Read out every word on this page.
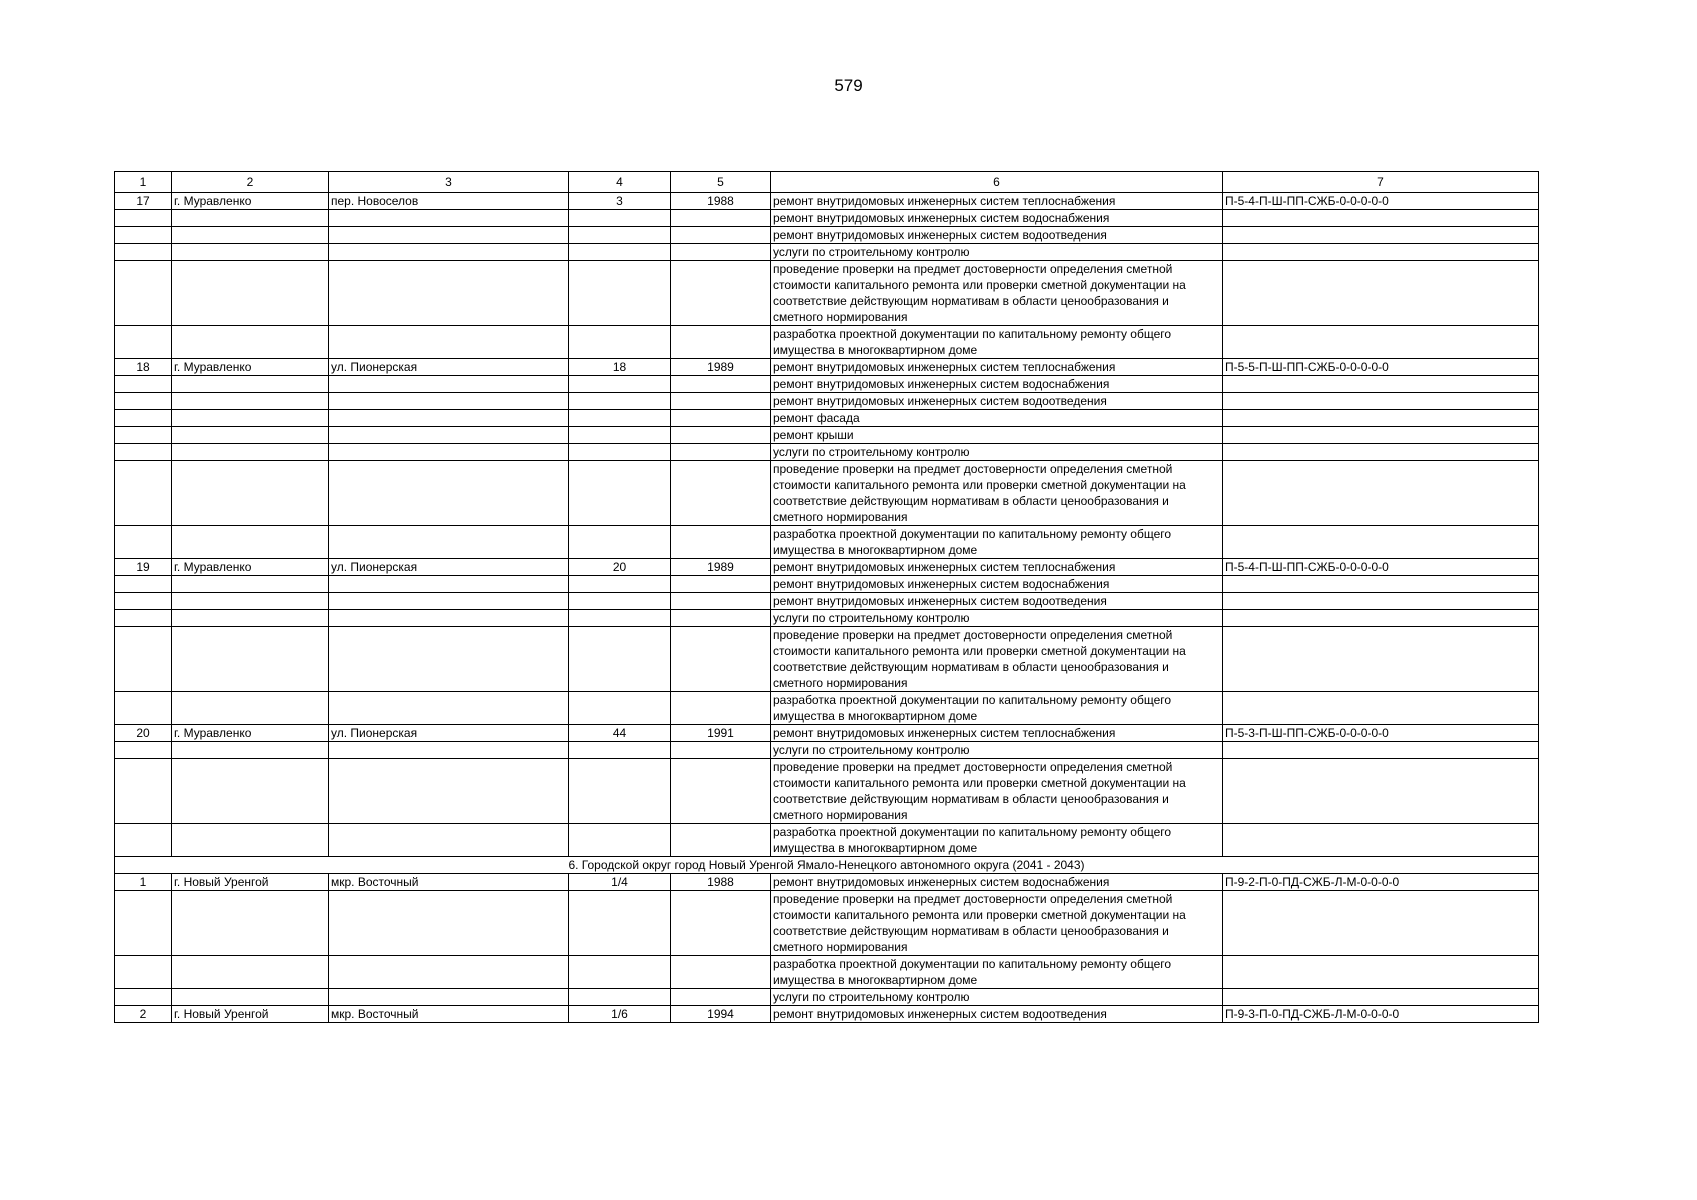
579
1	2	3	4	5	6	7
17	г. Муравленко	пер. Новоселов	3	1988	ремонт внутридомовых инженерных систем теплоснабжения	П-5-4-П-Ш-ПП-СЖБ-0-0-0-0-0
					ремонт внутридомовых инженерных систем водоснабжения	
					ремонт внутридомовых инженерных систем водоотведения	
					услуги по строительному контролю	
					проведение проверки на предмет достоверности определения сметной стоимости капитального ремонта или проверки сметной документации на соответствие действующим нормативам в области ценообразования и сметного нормирования	
					разработка проектной документации по капитальному ремонту общего имущества в многоквартирном доме	
18	г. Муравленко	ул. Пионерская	18	1989	ремонт внутридомовых инженерных систем теплоснабжения	П-5-5-П-Ш-ПП-СЖБ-0-0-0-0-0
					ремонт внутридомовых инженерных систем водоснабжения	
					ремонт внутридомовых инженерных систем водоотведения	
					ремонт фасада	
					ремонт крыши	
					услуги по строительному контролю	
					проведение проверки на предмет достоверности определения сметной стоимости капитального ремонта или проверки сметной документации на соответствие действующим нормативам в области ценообразования и сметного нормирования	
					разработка проектной документации по капитальному ремонту общего имущества в многоквартирном доме	
19	г. Муравленко	ул. Пионерская	20	1989	ремонт внутридомовых инженерных систем теплоснабжения	П-5-4-П-Ш-ПП-СЖБ-0-0-0-0-0
					ремонт внутридомовых инженерных систем водоснабжения	
					ремонт внутридомовых инженерных систем водоотведения	
					услуги по строительному контролю	
					проведение проверки на предмет достоверности определения сметной стоимости капитального ремонта или проверки сметной документации на соответствие действующим нормативам в области ценообразования и сметного нормирования	
					разработка проектной документации по капитальному ремонту общего имущества в многоквартирном доме	
20	г. Муравленко	ул. Пионерская	44	1991	ремонт внутридомовых инженерных систем теплоснабжения	П-5-3-П-Ш-ПП-СЖБ-0-0-0-0-0
					услуги по строительному контролю	
					проведение проверки на предмет достоверности определения сметной стоимости капитального ремонта или проверки сметной документации на соответствие действующим нормативам в области ценообразования и сметного нормирования	
					разработка проектной документации по капитальному ремонту общего имущества в многоквартирном доме	
6. Городской округ город Новый Уренгой Ямало-Ненецкого автономного округа (2041 - 2043)						
1	г. Новый Уренгой	мкр. Восточный	1/4	1988	ремонт внутридомовых инженерных систем водоснабжения	П-9-2-П-0-ПД-СЖБ-Л-М-0-0-0-0
					проведение проверки на предмет достоверности определения сметной стоимости капитального ремонта или проверки сметной документации на соответствие действующим нормативам в области ценообразования и сметного нормирования	
					разработка проектной документации по капитальному ремонту общего имущества в многоквартирном доме	
					услуги по строительному контролю	
2	г. Новый Уренгой	мкр. Восточный	1/6	1994	ремонт внутридомовых инженерных систем водоотведения	П-9-3-П-0-ПД-СЖБ-Л-М-0-0-0-0
